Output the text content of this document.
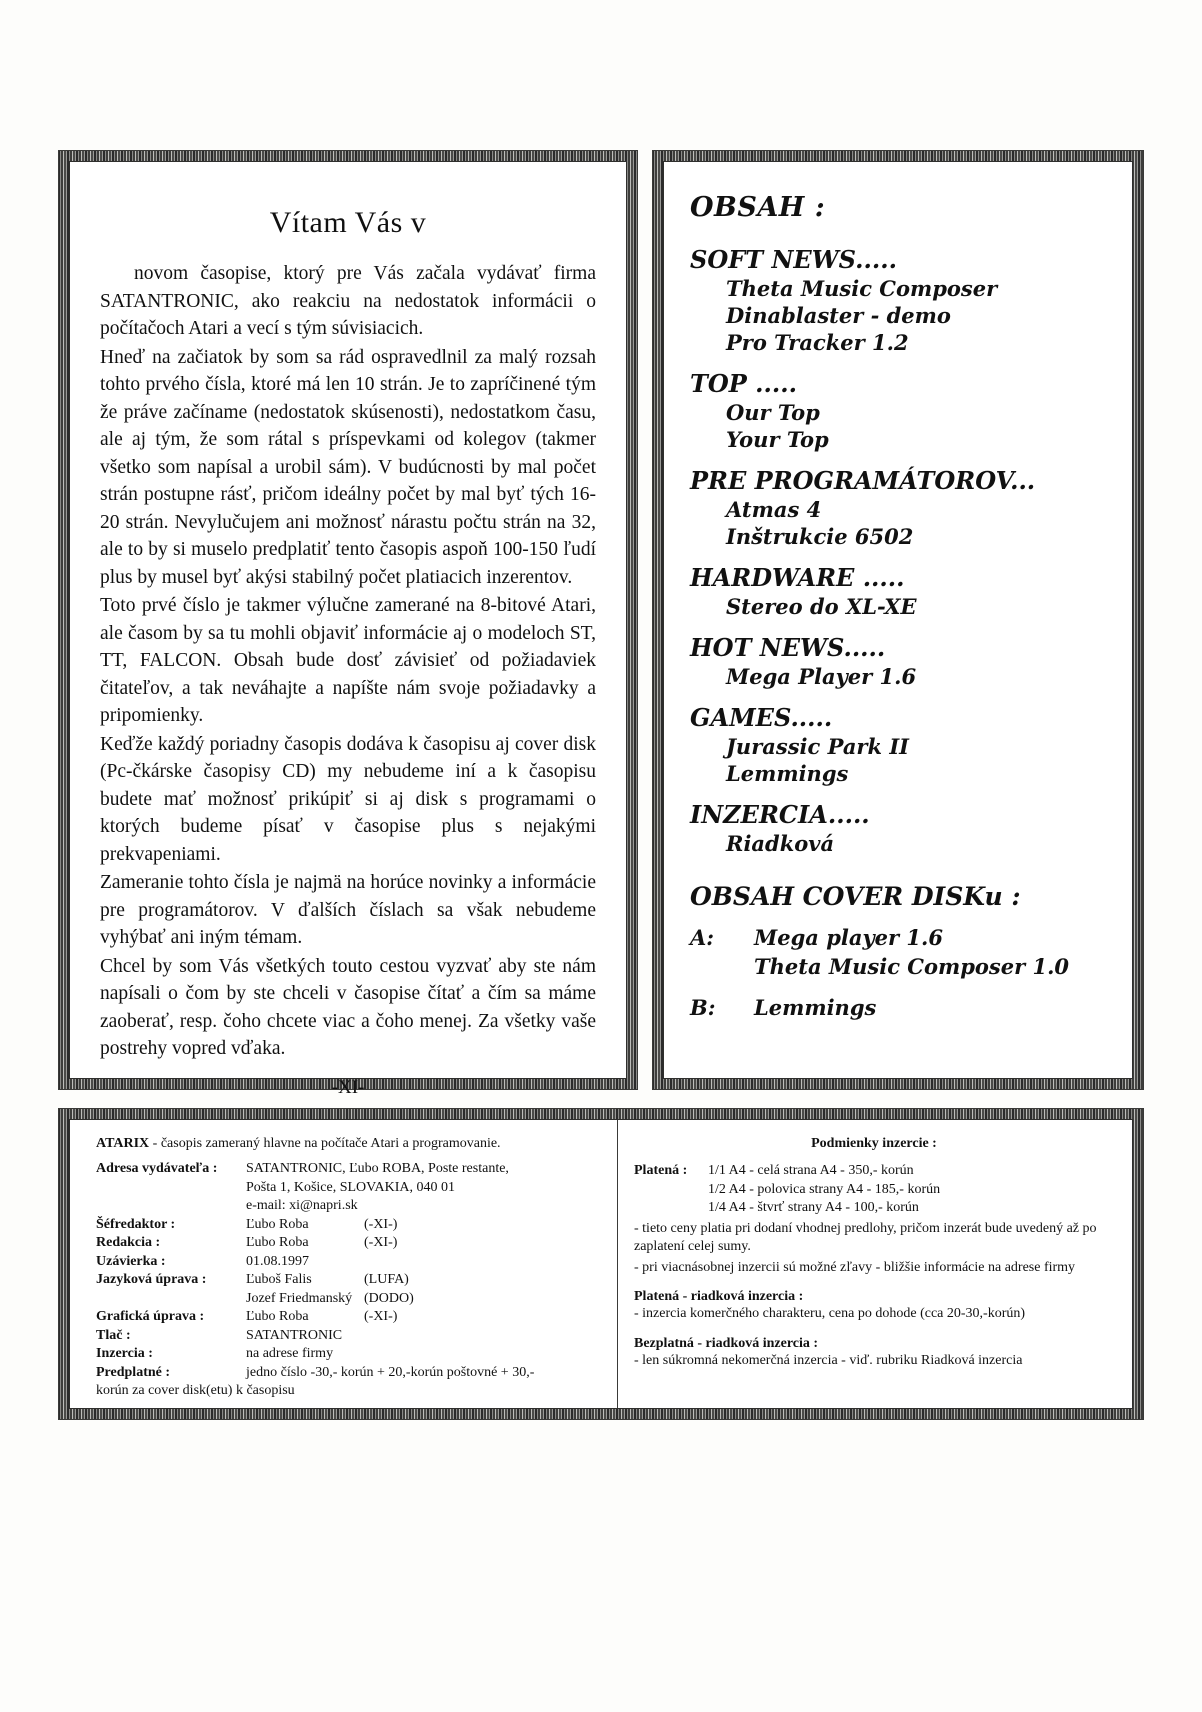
Vítam Vás v

novom časopise, ktorý pre Vás začala vydávať firma SATANTRONIC, ako reakciu na nedostatok informácii o počítačoch Atari a vecí s tým súvisiacich.

Hneď na začiatok by som sa rád ospravedlnil za malý rozsah tohto prvého čísla, ktoré má len 10 strán. Je to zapríčinené tým že práve začíname (nedostatok skúsenosti), nedostatkom času, ale aj tým, že som rátal s príspevkami od kolegov (takmer všetko som napísal a urobil sám). V budúcnosti by mal počet strán postupne rásť, pričom ideálny počet by mal byť tých 16-20 strán. Nevylučujem ani možnosť nárastu počtu strán na 32, ale to by si muselo predplatiť tento časopis aspoň 100-150 ľudí plus by musel byť akýsi stabilný počet platiacich inzerentov.

Toto prvé číslo je takmer výlučne zamerané na 8-bitové Atari, ale časom by sa tu mohli objaviť informácie aj o modeloch ST, TT, FALCON. Obsah bude dosť závisieť od požiadaviek čitateľov, a tak neváhajte a napíšte nám svoje požiadavky a pripomienky.

Keďže každý poriadny časopis dodáva k časopisu aj cover disk (Pc-čkárske časopisy CD) my nebudeme iní a k časopisu budete mať možnosť prikúpiť si aj disk s programami o ktorých budeme písať v časopise plus s nejakými prekvapeniami.

Zameranie tohto čísla je najmä na horúce novinky a informácie pre programátorov. V ďalších číslach sa však nebudeme vyhýbať ani iným témam.

Chcel by som Vás všetkých touto cestou vyzvať aby ste nám napísali o čom by ste chceli v časopise čítať a čím sa máme zaoberať, resp. čoho chcete viac a čoho menej. Za všetky vaše postrehy vopred vďaka.

-XI-
OBSAH :
SOFT NEWS.....
Theta Music Composer
Dinablaster - demo
Pro Tracker 1.2
TOP .....
Our Top
Your Top
PRE PROGRAMÁTOROV...
Atmas 4
Inštrukcie 6502
HARDWARE .....
Stereo do XL-XE
HOT NEWS.....
Mega Player 1.6
GAMES.....
Jurassic Park II
Lemmings
INZERCIA.....
Riadková
OBSAH COVER DISKu :
A:	Mega player 1.6
Theta Music Composer 1.0
B:	Lemmings
ATARIX - časopis zameraný hlavne na počítače Atari a programovanie.
Adresa vydávateľa :	SATANTRONIC, Ľubo ROBA, Poste restante,
Pošta 1, Košice, SLOVAKIA, 040 01
e-mail: xi@napri.sk
Šéfredaktor :	Ľubo Roba	(-XI-)
Redakcia :	Ľubo Roba	(-XI-)
Uzávierka :	01.08.1997
Jazyková úprava :	Ľuboš Falis	(LUFA)
Jozef Friedmanský (DODO)
Grafická úprava :	Ľubo Roba	(-XI-)
Tlač :	SATANTRONIC
Inzercia :	na adrese firmy
Predplatné :	jedno číslo -30,- korún + 20,-korún poštovné + 30,-
korún za cover disk(etu) k časopisu
Podmienky inzercie :
Platená :	1/1 A4 - celá strana A4 - 350,- korún
1/2 A4 - polovica strany A4 - 185,- korún
1/4 A4 - štvrť strany A4 - 100,- korún
- tieto ceny platia pri dodaní vhodnej predlohy, pričom inzerát bude uvedený až po zaplatení celej sumy.
- pri viacnásobnej inzercii sú možné zľavy - bližšie informácie na adrese firmy
Platená - riadková inzercia :
- inzercia komerčného charakteru, cena po dohode (cca 20-30,-korún)
Bezplatná - riadková inzercia :
- len súkromná nekomerčná inzercia - viď. rubriku Riadková inzercia
